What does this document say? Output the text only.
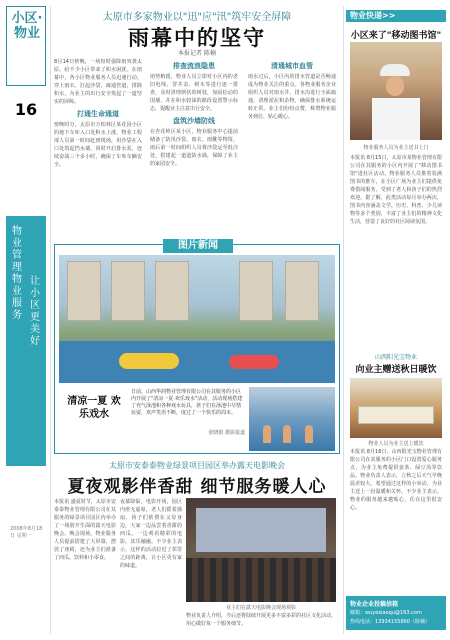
小区·物业
16
物业管理 物业服务
让小区更美好
2008年8月18日 星期一
太原市多家物业以"迅"应"汛"筑牢安全屏障
雨幕中的坚守
本报记者 陈楠
8月14日傍晚，一场短时强降雨突袭太原，给不少小区带来了积水困扰。在雨幕中，各小区物业服务人员迅速行动，穿上雨衣、扛起沙袋，疏通管道，排除积水，为业主的出行安全筑起了一道坚实的屏障。
打通生命通道
傍晚时分，太原市万柏林区某花园小区的地下车库入口处积水上涨，物业工程部人员第一时间赶到现场，用沙袋在入口处筑起挡水墙，同时开启排水泵，连续奋战三个多小时，确保了车库车辆安全。
排查流浪隐患
雨势稍缓，物业人员立即对小区内的老旧电线、窨井盖、树木等进行逐一排查，及时清理倒伏的树枝，加固松动的围墙，并在积水较深的路段设置警示标志，提醒业主注意出行安全。
盘筑沙墙防线
在杏花岭区某小区，物业服务中心提前储备了防汛沙袋、雨衣、雨靴等物资，雨后第一时间组织人员将沙袋运至低洼处，搭建起一道道防水墙，保障了业主的家园安全。
清通城市血管
雨水过后，小区内的排水管道是否畅通成为物业关注的重点。各物业服务企业组织人员对雨水井、排水沟进行全面疏通，清理淤泥和杂物，确保排水系统运转正常。业主们纷纷点赞，称赞物业服务到位、贴心暖心。
图片新闻
清凉一夏 欢乐戏水
日前，山西华润物业管理有限公司在其服务的小区内开展了"清凉一夏·欢乐戏水"活动，活动现场搭建了充气泳池和各种戏水玩具，孩子们在泳池中尽情玩耍，欢声笑语不断，度过了一个快乐的周末。
张晓娟 摄影报道
太原市安泰泰物业绿景项目园区举办露天电影晚会
夏夜观影伴香甜 细节服务暖人心
本报讯 盛夏时节，太原市安泰泰物业管理有限公司在其服务的绿景项目园区内举办了一场别开生面的露天电影晚会。晚会现场，物业服务人员提前搭建了大屏幕，摆放了座椅，还为业主们准备了西瓜、饮料和小零食。
夜幕降临，电影开场，园区内座无虚席，老人们摇着蒲扇，孩子们依偎在父母身边，大家一边品尝着香甜的西瓜，一边观看精彩的电影，其乐融融。不少业主表示，这样的活动拉近了邻里之间的距离，让小区更有家的味道。
业主们在露天电影晚会现场观影
物业负责人介绍，今后还将陆续开展更多丰富多彩的社区文化活动，用心做好每一个服务细节。
物业快递>>
小区来了"移动图书馆"
物业服务人员为业主送书上门
本报讯 8月15日，太原市某物业管理有限公司在其服务的小区内开展了"移动图书馆"进社区活动。物业服务人员推着装满图书的推车，在小区广场为业主们提供免费借阅服务，受到了老人和孩子们的热烈欢迎。据了解，此类活动每月举办两次，图书内容涵盖文学、历史、科普、少儿读物等多个类别，丰富了业主们的精神文化生活，营造了良好的社区阅读氛围。
山西阳光宝物业
向业主赠送秋日暖饮
物业人员为业主送上暖饮
本报讯 8月16日，山西阳光宝物业管理有限公司在其服务的小区门口设置爱心服务点，为业主免费提供姜茶、绿豆汤等饮品。物业负责人表示，立秋之后天气早晚温差较大，希望通过这样的小举动，为业主送上一份温暖和关怀。不少业主表示，物业的服务越来越贴心，住在这里很安心。
物业企业投稿信箱
邮箱：wuyexiaoqu@163.com
热线电话：13934155860（陈楠）
